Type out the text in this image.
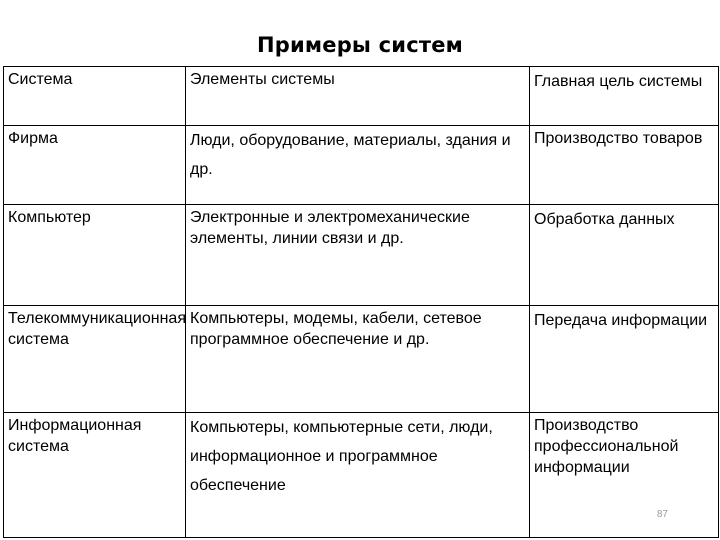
Примеры систем
Система	Элементы системы	Главная цель системы
Фирма	Люди, оборудование, материалы, здания и др.	Производство товаров
Компьютер	Электронные и электромеханические элементы, линии связи и др.	Обработка данных
Телекоммуникационная система	Компьютеры, модемы, кабели, сетевое программное обеспечение и др.	Передача информации
Информационная система	Компьютеры, компьютерные сети, люди, информационное и программное обеспечение	Производство профессиональной информации
87
